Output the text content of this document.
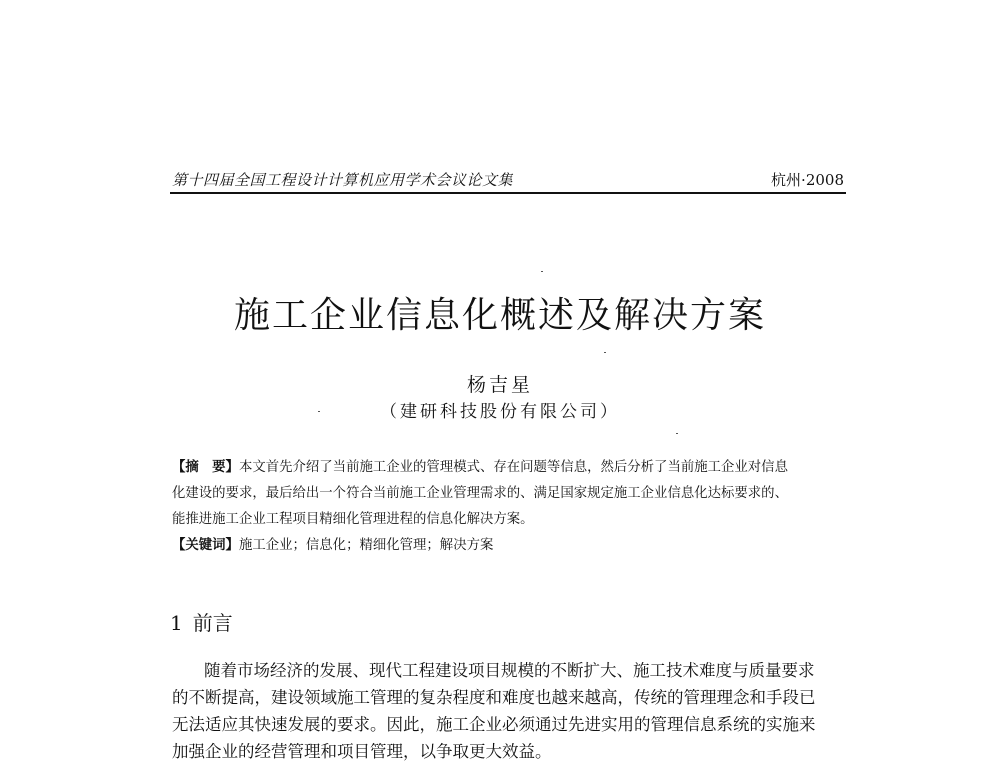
第十四届全国工程设计计算机应用学术会议论文集	杭州·2008
施工企业信息化概述及解决方案
杨吉星
（建研科技股份有限公司）
【摘　要】本文首先介绍了当前施工企业的管理模式、存在问题等信息，然后分析了当前施工企业对信息
化建设的要求，最后给出一个符合当前施工企业管理需求的、满足国家规定施工企业信息化达标要求的、
能推进施工企业工程项目精细化管理进程的信息化解决方案。
【关键词】施工企业；信息化；精细化管理；解决方案
1 前言
随着市场经济的发展、现代工程建设项目规模的不断扩大、施工技术难度与质量要求
的不断提高，建设领域施工管理的复杂程度和难度也越来越高，传统的管理理念和手段已
无法适应其快速发展的要求。因此，施工企业必须通过先进实用的管理信息系统的实施来
加强企业的经营管理和项目管理，以争取更大效益。
